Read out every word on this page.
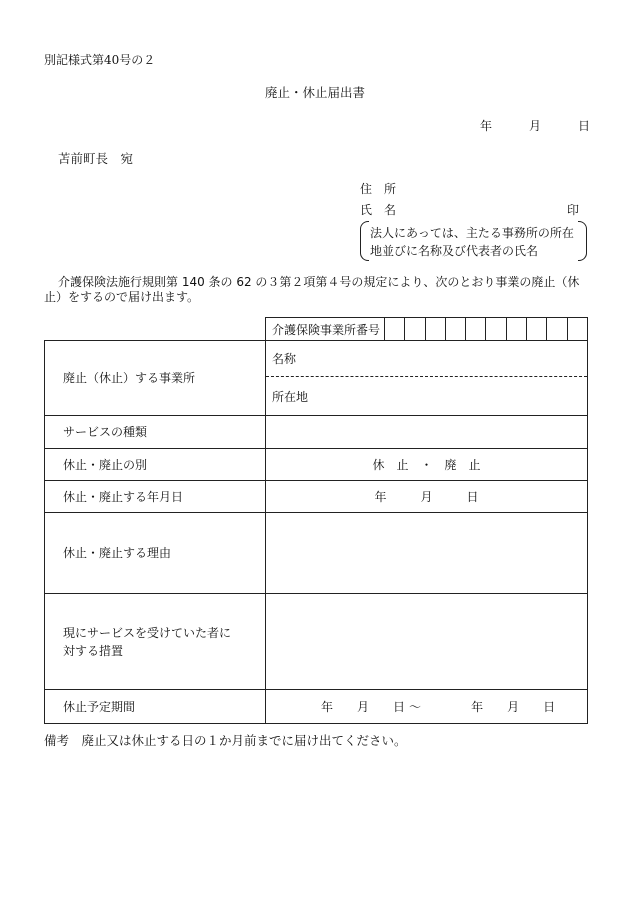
別記様式第40号の２
廃止・休止届出書
年	月	日
苫前町長　宛
住　所
氏　名	印
法人にあっては、主たる事務所の所在地並びに名称及び代表者の氏名
介護保険法施行規則第 140 条の 62 の３第２項第４号の規定により、次のとおり事業の廃止（休止）をするので届け出ます。
介護保険事業所番号
廃止（休止）する事業所
名称
所在地
サービスの種類
休止・廃止の別	休　止　・　廃　止
休止・廃止する年月日	年	月	日
休止・廃止する理由
現にサービスを受けていた者に対する措置
休止予定期間	年 月 日 ～	年 月 日
備考　廃止又は休止する日の１か月前までに届け出てください。
